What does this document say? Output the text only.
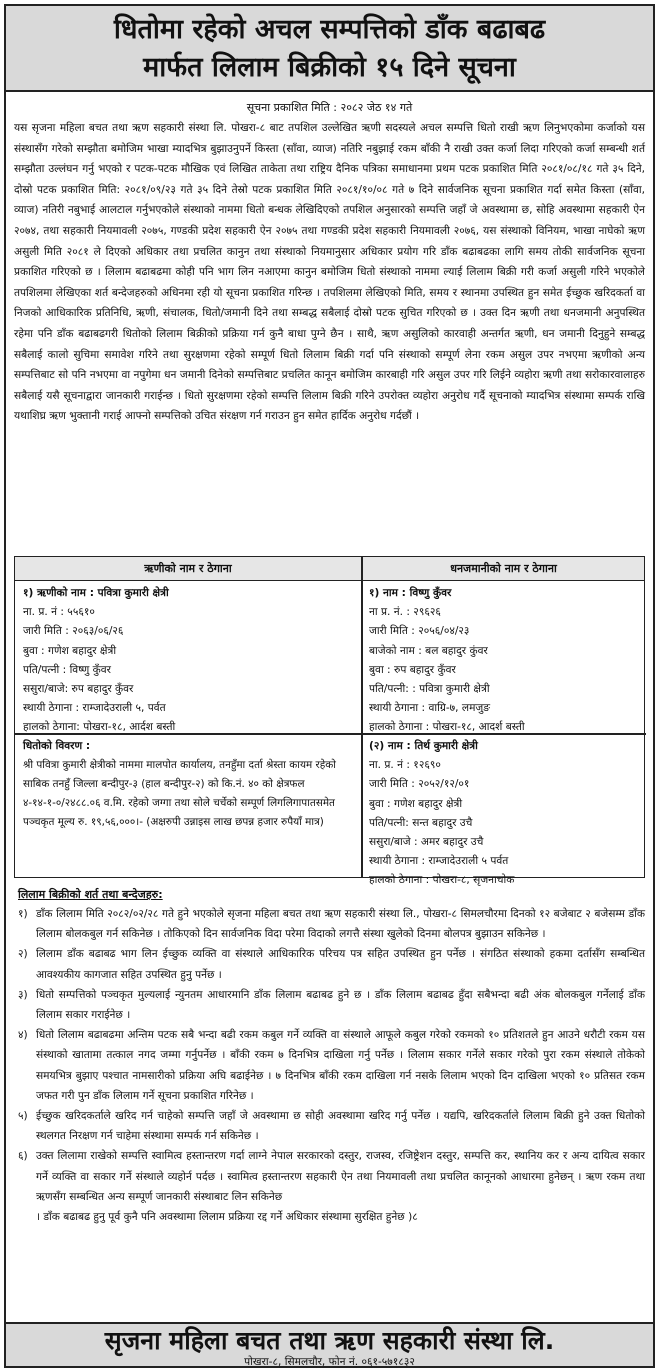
धितोमा रहेको अचल सम्पत्तिको डाँक बढाबढ
मार्फत लिलाम बिक्रीको १५ दिने सूचना
सूचना प्रकाशित मिति : २०८२ जेठ १४ गते
यस सृजना महिला बचत तथा ऋण सहकारी संस्था लि. पोखरा-८ बाट तपशिल उल्लेखित ऋणी सदस्यले अचल सम्पत्ति धितो राखी ऋण लिनुभएकोमा कर्जाको यस संस्थासँग गरेको सम्झौता बमोजिम भाखा म्यादभित्र बुझाउनुपर्ने किस्ता (साँवा, व्याज) नतिरि नबुझाई रकम बाँकी नै राखी उक्त कर्जा लिदा गरिएको कर्जा सम्बन्धी शर्त सम्झौता उल्लंघन गर्नु भएको र पटक-पटक मौखिक एवं लिखित ताकेता तथा राष्ट्रिय दैनिक पत्रिका समाधानमा प्रथम पटक प्रकाशित मिति २०८१/०८/१८ गते ३५ दिने, दोस्रो पटक प्रकाशित मिति: २०८१/०९/२३ गते ३५ दिने तेस्रो पटक प्रकाशित मिति २०८१/१०/०८ गते ७ दिने सार्वजनिक सूचना प्रकाशित गर्दा समेत किस्ता (साँवा, व्याज) नतिरी नबुभाई आलटाल गर्नुभएकोले संस्थाको नाममा धितो बन्धक लेखिदिएको तपशिल अनुसारको सम्पत्ति जहाँ जे अवस्थामा छ, सोहि अवस्थामा सहकारी ऐन २०७४, तथा सहकारी नियमावली २०७५, गण्डकी प्रदेश सहकारी ऐन २०७५ तथा गण्डकी प्रदेश सहकारी नियमावली २०७६, यस संस्थाको विनियम, भाखा नाघेको ऋण असुली मिति २०८१ ले दिएको अधिकार तथा प्रचलित कानुन तथा संस्थाको नियमानुसार अधिकार प्रयोग गरि डाँक बढाबढका लागि समय तोकी सार्वजनिक सूचना प्रकाशित गरिएको छ । लिलाम बढाबढमा कोही पनि भाग लिन नआएमा कानुन बमोजिम धितो संस्थाको नाममा ल्याई लिलाम बिक्री गरी कर्जा असुली गरिने भएकोले तपशिलमा लेखिएका शर्त बन्देजहरुको अधिनमा रही यो सूचना प्रकाशित गरिन्छ । तपशिलमा लेखिएको मिति, समय र स्थानमा उपस्थित हुन समेत ईच्छुक खरिदकर्ता वा निजको आधिकारिक प्रतिनिधि, ऋणी, संचालक, धितो/जमानी दिने तथा सम्बद्ध सबैलाई दोस्रो पटक सुचित गरिएको छ । उक्त दिन ऋणी तथा धनजमानी अनुपस्थित रहेमा पनि डाँक बढाबढगरी धितोको लिलाम बिक्रीको प्रक्रिया गर्न कुनै बाधा पुग्ने छैन । साथै, ऋण असुलिको कारवाही अन्तर्गत ऋणी, धन जमानी दिनुहुने सम्बद्ध सबैलाई कालो सुचिमा समावेश गरिने तथा सुरक्षणमा रहेको सम्पूर्ण धितो लिलाम बिक्री गर्दा पनि संस्थाको सम्पूर्ण लेना रकम असुल उपर नभएमा ऋणीको अन्य सम्पत्तिबाट सो पनि नभएमा वा नपुगेमा धन जमानी दिनेको सम्पत्तिबाट प्रचलित कानून बमोजिम कारबाही गरि असुल उपर गरि लिईने व्यहोरा ऋणी तथा सरोकारवालाहरु सबैलाई यसै सूचनाद्वारा जानकारी गराईन्छ । धितो सुरक्षणमा रहेको सम्पत्ति लिलाम बिक्री गरिने उपरोक्त व्यहोरा अनुरोध गर्दै सूचनाको म्यादभित्र संस्थामा सम्पर्क राखि यथाशिघ्र ऋण भुक्तानी गराई आफ्नो सम्पत्तिको उचित संरक्षण गर्न गराउन हुन समेत हार्दिक अनुरोध गर्दछौं ।
ऋणीको नाम र ठेगाना	धनजमानीको नाम र ठेगाना
१) ऋणीको नाम : पवित्रा कुमारी क्षेत्री
ना. प्र. नं : ५५६१०
जारी मिति : २०६३/०६/२६
बुवा : गणेश बहादुर क्षेत्री
पति/पत्नी : विष्णु कुँवर
ससुरा/बाजे: रुप बहादुर कुँवर
स्थायी ठेगाना : राम्जादेउराली ५, पर्वत
हालको ठेगाना: पोखरा-१८, आर्दश बस्ती
१) नाम : विष्णु कुँवर
ना प्र. नं. : २९६२६
जारी मिति : २०५६/०४/२३
बाजेको नाम : बल बहादुर कुंवर
बुवा : रुप बहादुर कुँवर
पति/पत्नी: : पवित्रा कुमारी क्षेत्री
स्थायी ठेगाना : वाग्रि-७, लमजुङ
हालको ठेगाना : पोखरा-१८, आदर्श बस्ती
धितोको विवरण :
श्री पवित्रा कुमारी क्षेत्रीको नाममा मालपोत कार्यालय, तनहुँमा दर्ता श्रेस्ता कायम रहेको साबिक तनहुँ जिल्ला बन्दीपुर-३ (हाल बन्दीपुर-२) को कि.नं. ४० को क्षेत्रफल ४-१४-१-०/२४८८.०६ व.मि. रहेको जग्गा तथा सोले चर्चेको सम्पूर्ण लिगलिगापातसमेत पञ्चकृत मूल्य रु. १९,५६,०००।- (अक्षरुपी उन्नाइस लाख छपन्न हजार रुपैयाँ मात्र)
(२) नाम : तिर्थ कुमारी क्षेत्री
ना. प्र. नं : १२६९०
जारी मिति : २०५२/१२/०१
बुवा : गणेश बहादुर क्षेत्री
पति/पत्नी: सन्त बहादुर उचै
ससुरा/बाजे : अमर बहादुर उचै
स्थायी ठेगाना : राम्जादेउराली ५ पर्वत
हालको ठेगाना : पोखरा-८, सृजनाचोक
लिलाम बिक्रीको शर्त तथा बन्देजहरु:
१) डाँक लिलाम मिति २०८२/०२/२८ गते हुने भएकोले सृजना महिला बचत तथा ऋण सहकारी संस्था लि., पोखरा-८ सिमलचौरमा दिनको १२ बजेबाट २ बजेसम्म डाँक लिलाम बोलकबुल गर्न सकिनेछ । तोकिएको दिन सार्वजनिक विदा परेमा विदाको लगत्तै संस्था खुलेको दिनमा बोलपत्र बुझाउन सकिनेछ ।
२) लिलाम डाँक बढाबढ भाग लिन ईच्छुक व्यक्ति वा संस्थाले आधिकारिक परिचय पत्र सहित उपस्थित हुन पर्नेछ । संगठित संस्थाको हकमा दर्तासँग सम्बन्धित आवश्यकीय कागजात सहित उपस्थित हुनु पर्नेछ ।
३) धितो सम्पत्तिको पञ्चकृत मुल्यलाई न्युनतम आधारमानि डाँक लिलाम बढाबढ हुने छ । डाँक लिलाम बढाबढ हुँदा सबैभन्दा बढी अंक बोलकबुल गर्नेलाई डाँक लिलाम सकार गराईनेछ ।
४) धितो लिलाम बढाबढमा अन्तिम पटक सबै भन्दा बढी रकम कबुल गर्ने व्यक्ति वा संस्थाले आफूले कबुल गरेको रकमको १० प्रतिशतले हुन आउने धरौटी रकम यस संस्थाको खातामा तत्काल नगद जम्मा गर्नुपर्नेछ । बाँकी रकम ७ दिनभित्र दाखिला गर्नु पर्नेछ । लिलाम सकार गर्नेले सकार गरेको पुरा रकम संस्थाले तोकेको समयभित्र बुझाए पश्चात नामसारीको प्रक्रिया अघि बढाईनेछ । ७ दिनभित्र बाँकी रकम दाखिला गर्न नसके लिलाम भएको दिन दाखिला भएको १० प्रतिसत रकम जफत गरी पुन डाँक लिलाम गर्ने सूचना प्रकाशित गरिनेछ ।
५) ईच्छुक खरिदकर्ताले खरिद गर्न चाहेको सम्पत्ति जहाँ जे अवस्थामा छ सोही अवस्थामा खरिद गर्नु पर्नेछ । यद्यपि, खरिदकर्ताले लिलाम बिक्री हुने उक्त धितोको स्थलगत निरक्षण गर्न चाहेमा संस्थामा सम्पर्क गर्न सकिनेछ ।
६) उक्त लिलामा राखेको सम्पत्ति स्वामित्व हस्तान्तरण गर्दा लाग्ने नेपाल सरकारको दस्तुर, राजस्व, रजिष्ट्रेशन दस्तुर, सम्पत्ति कर, स्थानिय कर र अन्य दायित्व सकार गर्ने व्यक्ति वा सकार गर्ने संस्थाले व्यहोर्न पर्दछ । स्वामित्व हस्तान्तरण सहकारी ऐन तथा नियमावली तथा प्रचलित कानूनको आधारमा हुनेछन् । ऋण रकम तथा ऋणसँग सम्बन्धित अन्य सम्पूर्ण जानकारी संस्थाबाट लिन सकिनेछ
। डाँक बढाबढ हुनु पूर्व कुनै पनि अवस्थामा लिलाम प्रक्रिया रद्द गर्ने अधिकार संस्थामा सुरक्षित हुनेछ )८
सृजना महिला बचत तथा ऋण सहकारी संस्था लि.
पोखरा-८, सिमलचौर, फोन नं. ०६१-५७१८३२
